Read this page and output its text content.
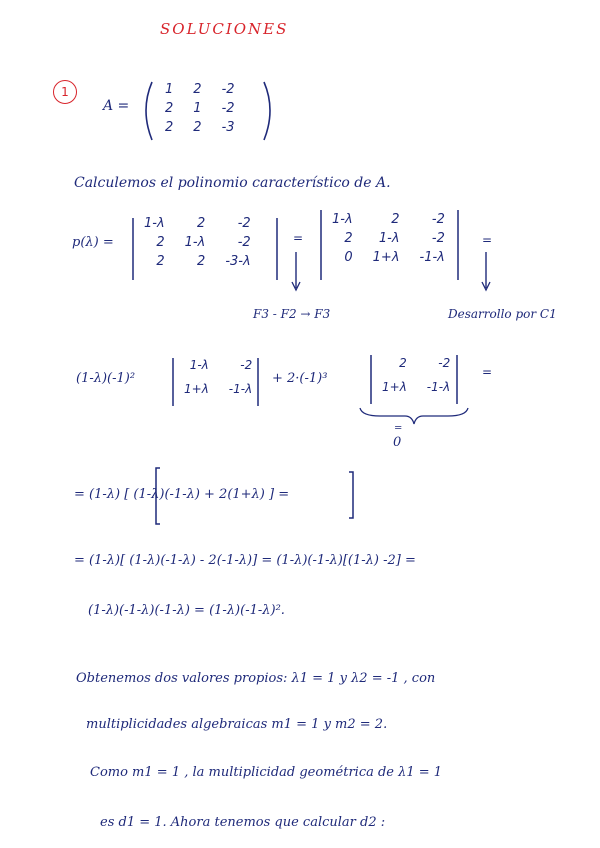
SOLUCIONES
1
A =
1	2	-2
2	1	-2
2	2	-3
Calculemos el polinomio característico de A.
p(λ) =
1-λ	2	-2
2	1-λ	-2
2	2	-3-λ
=
1-λ	2	-2
2	1-λ	-2
0	1+λ	-1-λ
=
F3 - F2 → F3	Desarrollo por C1
(1-λ)(-1)²
1-λ	-2
1+λ	-1-λ
+ 2·(-1)³
2	-2
1+λ	-1-λ
=
=
0
= (1-λ) [ (1-λ)(-1-λ) + 2(1+λ) ] =
= (1-λ)[ (1-λ)(-1-λ) - 2(-1-λ)] = (1-λ)(-1-λ)[(1-λ) -2] =
(1-λ)(-1-λ)(-1-λ) = (1-λ)(-1-λ)².
Obtenemos dos valores propios: λ1 = 1 y λ2 = -1 , con
multiplicidades algebraicas m1 = 1 y m2 = 2.
Como m1 = 1 , la multiplicidad geométrica de λ1 = 1
es d1 = 1. Ahora tenemos que calcular d2 :
